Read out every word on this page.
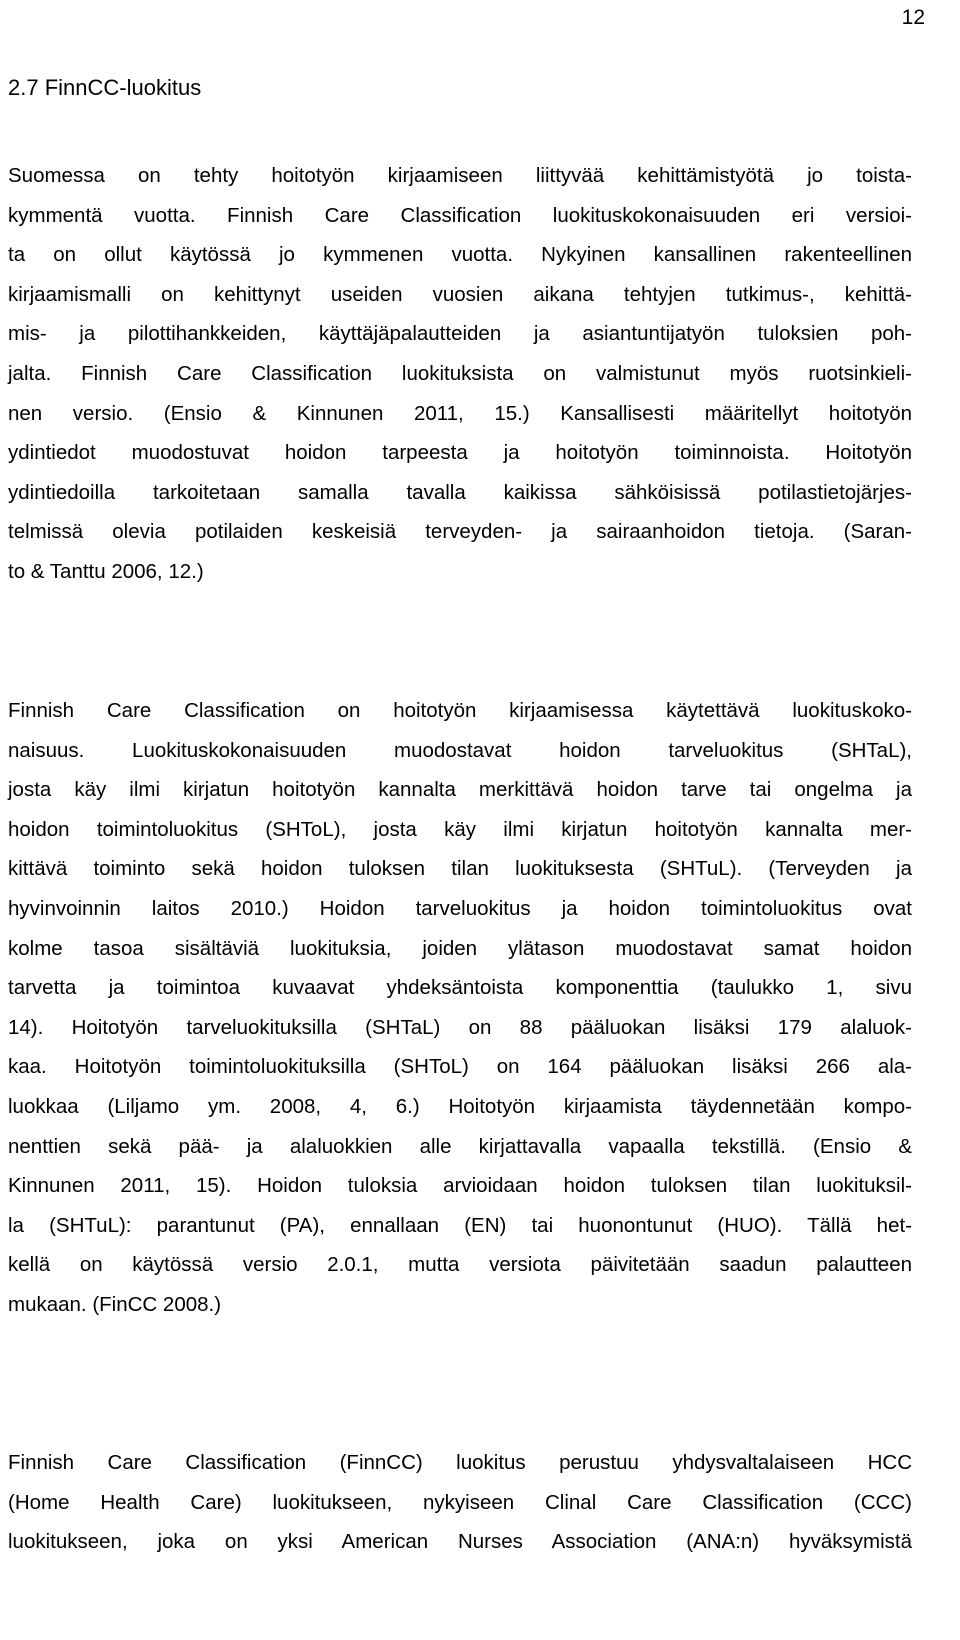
12
2.7 FinnCC-luokitus
Suomessa on tehty hoitotyön kirjaamiseen liittyvää kehittämistyötä jo toista-
kymmentä vuotta. Finnish Care Classification luokituskokonaisuuden eri versioi-
ta on ollut käytössä jo kymmenen vuotta. Nykyinen kansallinen rakenteellinen
kirjaamismalli on kehittynyt useiden vuosien aikana tehtyjen tutkimus-, kehittä-
mis- ja pilottihankkeiden, käyttäjäpalautteiden ja asiantuntijatyön tuloksien poh-
jalta. Finnish Care Classification luokituksista on valmistunut myös ruotsinkieli-
nen versio. (Ensio & Kinnunen 2011, 15.) Kansallisesti määritellyt hoitotyön
ydintiedot muodostuvat hoidon tarpeesta ja hoitotyön toiminnoista. Hoitotyön
ydintiedoilla tarkoitetaan samalla tavalla kaikissa sähköisissä potilastietojärjes-
telmissä olevia potilaiden keskeisiä terveyden- ja sairaanhoidon tietoja. (Saran-
to & Tanttu 2006, 12.)
Finnish Care Classification on hoitotyön kirjaamisessa käytettävä luokituskoko-
naisuus. Luokituskokonaisuuden muodostavat hoidon tarveluokitus (SHTaL),
josta käy ilmi kirjatun hoitotyön kannalta merkittävä hoidon tarve tai ongelma ja
hoidon toimintoluokitus (SHToL), josta käy ilmi kirjatun hoitotyön kannalta mer-
kittävä toiminto sekä hoidon tuloksen tilan luokituksesta (SHTuL). (Terveyden ja
hyvinvoinnin laitos 2010.) Hoidon tarveluokitus ja hoidon toimintoluokitus ovat
kolme tasoa sisältäviä luokituksia, joiden ylätason muodostavat samat hoidon
tarvetta ja toimintoa kuvaavat yhdeksäntoista komponenttia (taulukko 1, sivu
14). Hoitotyön tarveluokituksilla (SHTaL) on 88 pääluokan lisäksi 179 alaluok-
kaa. Hoitotyön toimintoluokituksilla (SHToL) on 164 pääluokan lisäksi 266 ala-
luokkaa (Liljamo ym. 2008, 4, 6.) Hoitotyön kirjaamista täydennetään kompo-
nenttien sekä pää- ja alaluokkien alle kirjattavalla vapaalla tekstillä. (Ensio &
Kinnunen 2011, 15). Hoidon tuloksia arvioidaan hoidon tuloksen tilan luokituksil-
la (SHTuL): parantunut (PA), ennallaan (EN) tai huonontunut (HUO). Tällä het-
kellä on käytössä versio 2.0.1, mutta versiota päivitetään saadun palautteen
mukaan. (FinCC 2008.)
Finnish Care Classification (FinnCC) luokitus perustuu yhdysvaltalaiseen HCC
(Home Health Care) luokitukseen, nykyiseen Clinal Care Classification (CCC)
luokitukseen, joka on yksi American Nurses Association (ANA:n) hyväksymistä
